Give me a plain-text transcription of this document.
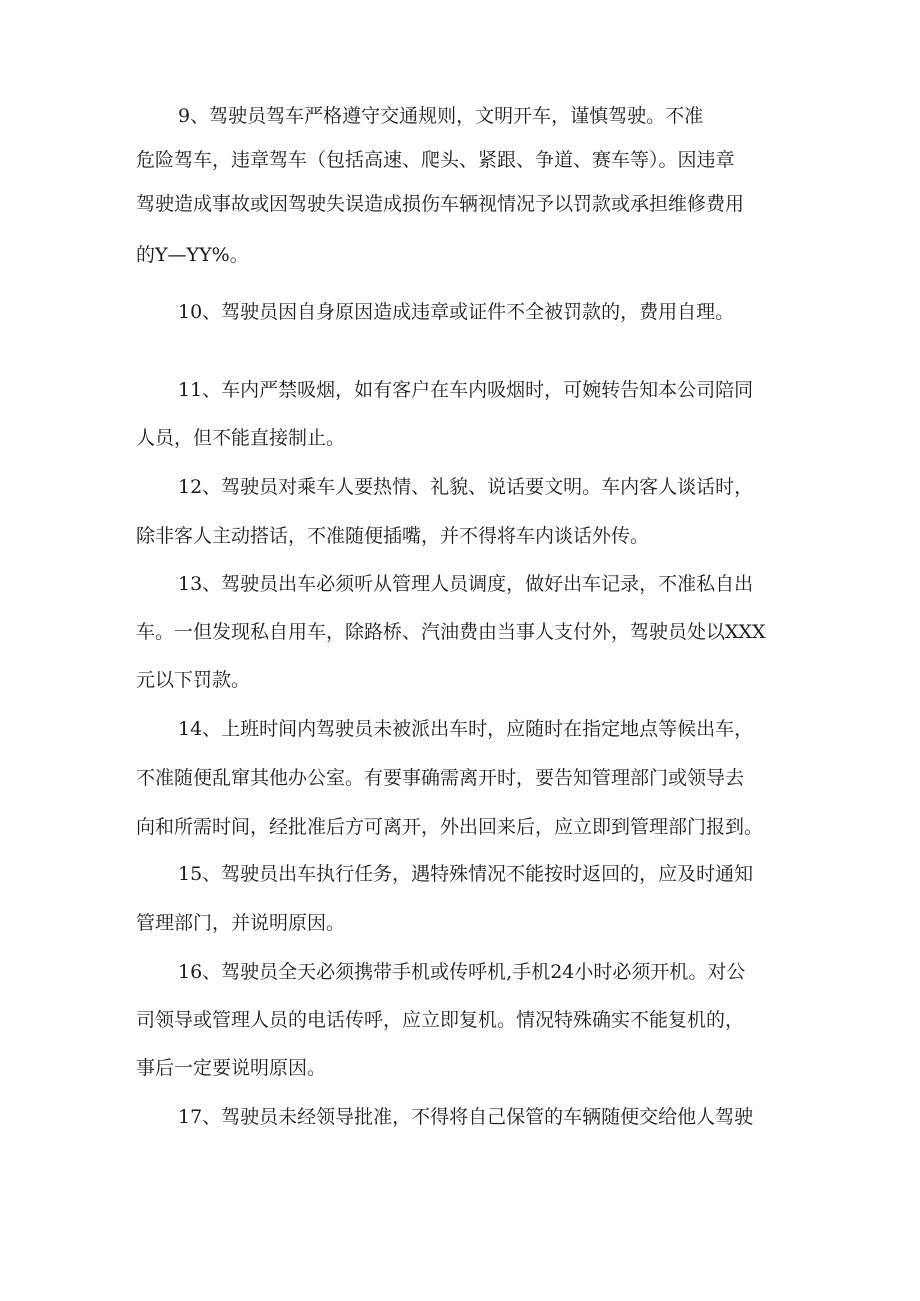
9、驾驶员驾车严格遵守交通规则，文明开车，谨慎驾驶。不准

危险驾车，违章驾车（包括高速、爬头、紧跟、争道、赛车等）。因违章

驾驶造成事故或因驾驶失误造成损伤车辆视情况予以罚款或承担维修费用

的Y—YY%。

10、驾驶员因自身原因造成违章或证件不全被罚款的，费用自理。

11、车内严禁吸烟，如有客户在车内吸烟时，可婉转告知本公司陪同

人员，但不能直接制止。

12、驾驶员对乘车人要热情、礼貌、说话要文明。车内客人谈话时，

除非客人主动搭话，不准随便插嘴，并不得将车内谈话外传。

13、驾驶员出车必须听从管理人员调度，做好出车记录，不准私自出

车。一但发现私自用车，除路桥、汽油费由当事人支付外，驾驶员处以XXX

元以下罚款。

14、上班时间内驾驶员未被派出车时，应随时在指定地点等候出车，

不准随便乱窜其他办公室。有要事确需离开时，要告知管理部门或领导去

向和所需时间，经批准后方可离开，外出回来后，应立即到管理部门报到。

15、驾驶员出车执行任务，遇特殊情况不能按时返回的，应及时通知

管理部门，并说明原因。

16、驾驶员全天必须携带手机或传呼机,手机24小时必须开机。对公

司领导或管理人员的电话传呼，应立即复机。情况特殊确实不能复机的，

事后一定要说明原因。

17、驾驶员未经领导批准，不得将自己保管的车辆随便交给他人驾驶
